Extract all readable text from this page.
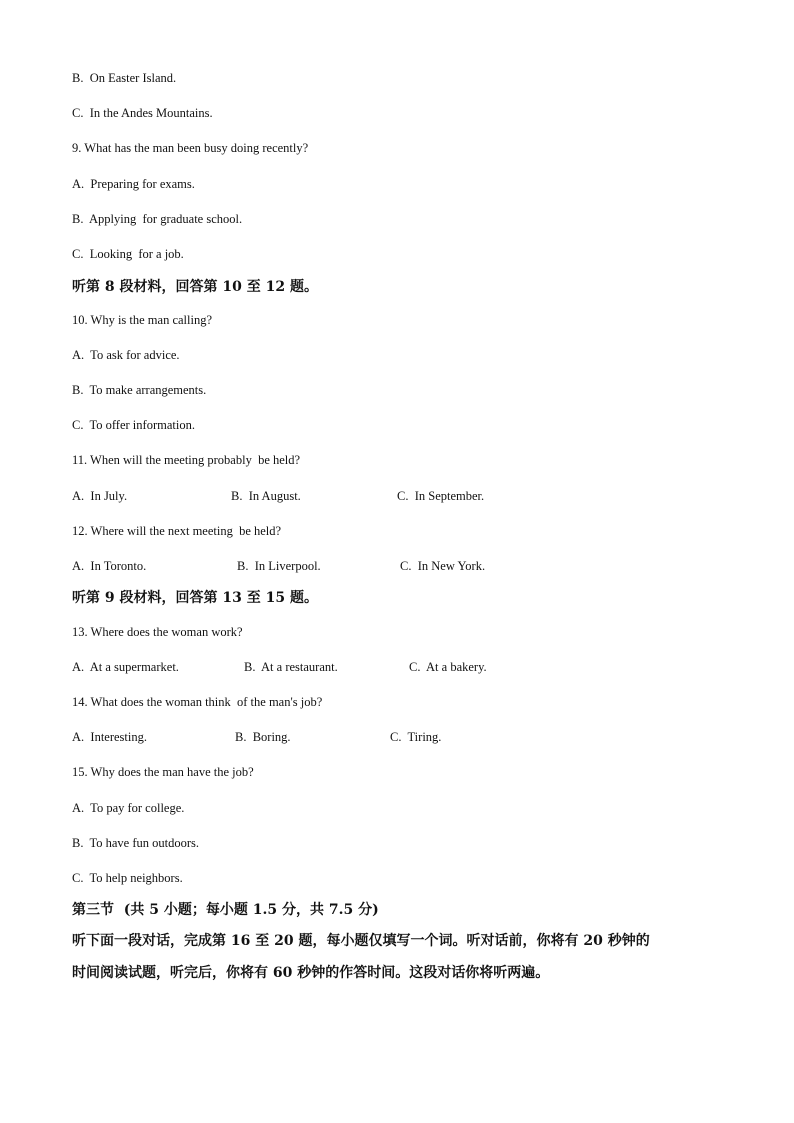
B.  On Easter Island.
C.  In the Andes Mountains.
9. What has the man been busy doing recently?
A.  Preparing for exams.
B.  Applying  for graduate school.
C.  Looking  for a job.
听第 8 段材料，回答第 10 至 12 题。
10. Why is the man calling?
A.  To ask for advice.
B.  To make arrangements.
C.  To offer information.
11. When will the meeting probably  be held?
A.  In July.	B.  In August.	C.  In September.
12. Where will the next meeting  be held?
A.  In Toronto.	B.  In Liverpool.	C.  In New York.
听第 9 段材料，回答第 13 至 15 题。
13. Where does the woman work?
A.  At a supermarket.	B.  At a restaurant.	C.  At a bakery.
14. What does the woman think  of the man's job?
A.  Interesting.	B.  Boring.	C.  Tiring.
15. Why does the man have the job?
A.  To pay for college.
B.  To have fun outdoors.
C.  To help neighbors.
第三节  (共 5 小题；每小题 1.5 分，共 7.5 分)
听下面一段对话，完成第 16 至 20 题，每小题仅填写一个词。听对话前，你将有 20 秒钟的
时间阅读试题，听完后，你将有 60 秒钟的作答时间。这段对话你将听两遍。
